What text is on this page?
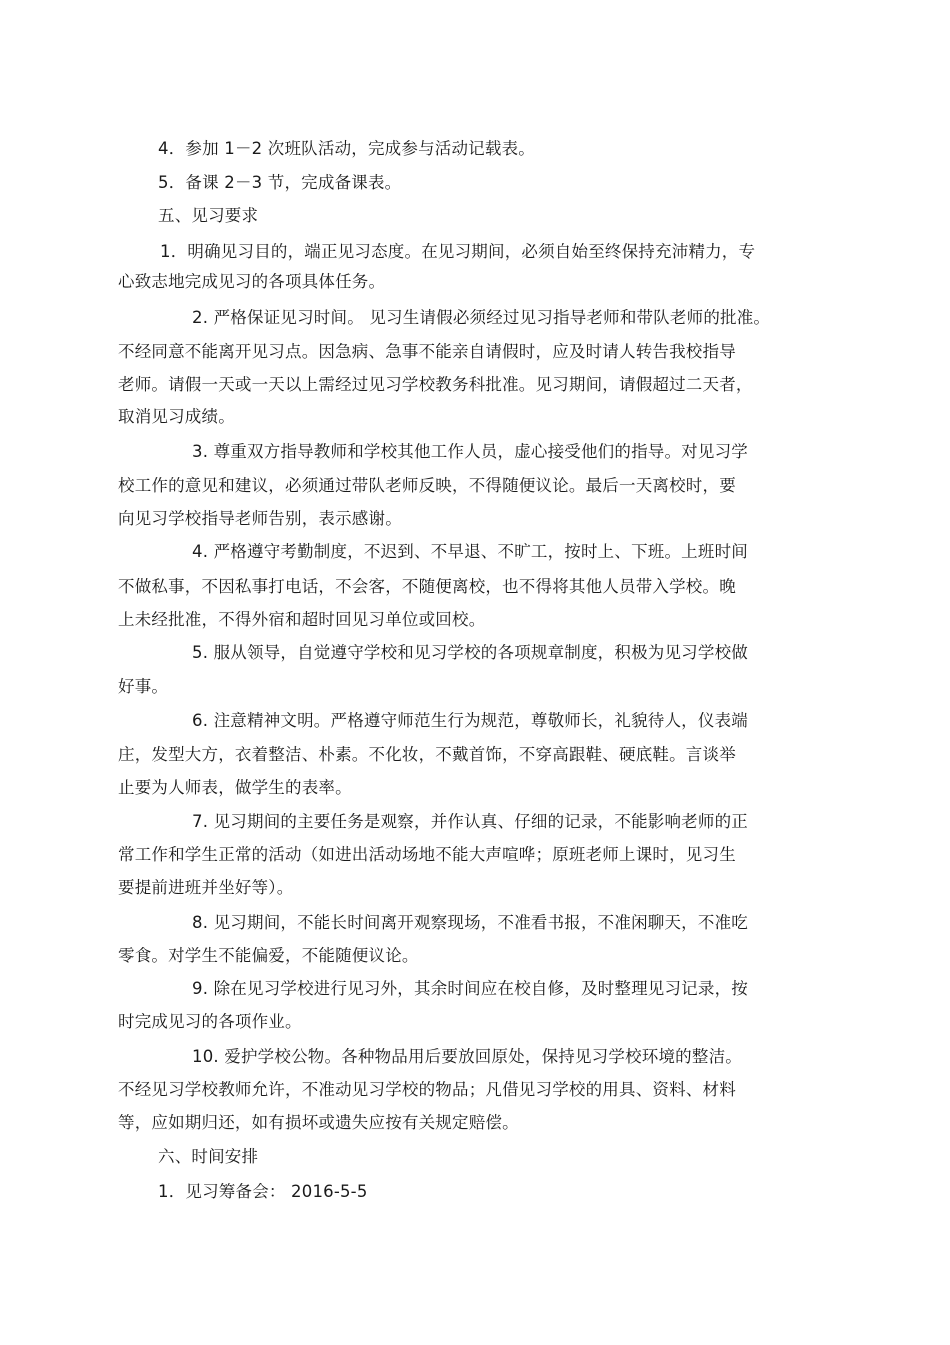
4．参加 1－2 次班队活动，完成参与活动记载表。
5．备课 2－3 节，完成备课表。
五、见习要求
1．明确见习目的，端正见习态度。在见习期间，必须自始至终保持充沛精力，专
心致志地完成见习的各项具体任务。
2. 严格保证见习时间。 见习生请假必须经过见习指导老师和带队老师的批准。
不经同意不能离开见习点。因急病、急事不能亲自请假时，应及时请人转告我校指导
老师。请假一天或一天以上需经过见习学校教务科批准。见习期间，请假超过二天者，
取消见习成绩。
3. 尊重双方指导教师和学校其他工作人员，虚心接受他们的指导。对见习学
校工作的意见和建议，必须通过带队老师反映，不得随便议论。最后一天离校时，要
向见习学校指导老师告别，表示感谢。
4. 严格遵守考勤制度，不迟到、不早退、不旷工，按时上、下班。上班时间
不做私事，不因私事打电话，不会客，不随便离校，也不得将其他人员带入学校。晚
上未经批准，不得外宿和超时回见习单位或回校。
5. 服从领导，自觉遵守学校和见习学校的各项规章制度，积极为见习学校做
好事。
6. 注意精神文明。严格遵守师范生行为规范，尊敬师长，礼貌待人，仪表端
庄，发型大方，衣着整洁、朴素。不化妆，不戴首饰，不穿高跟鞋、硬底鞋。言谈举
止要为人师表，做学生的表率。
7. 见习期间的主要任务是观察，并作认真、仔细的记录，不能影响老师的正
常工作和学生正常的活动（如进出活动场地不能大声喧哗；原班老师上课时，见习生
要提前进班并坐好等）。
8. 见习期间，不能长时间离开观察现场，不准看书报，不准闲聊天，不准吃
零食。对学生不能偏爱，不能随便议论。
9. 除在见习学校进行见习外，其余时间应在校自修，及时整理见习记录，按
时完成见习的各项作业。
10. 爱护学校公物。各种物品用后要放回原处，保持见习学校环境的整洁。
不经见习学校教师允许，不准动见习学校的物品；凡借见习学校的用具、资料、材料
等，应如期归还，如有损坏或遗失应按有关规定赔偿。
六、时间安排
1．见习筹备会： 2016-5-5
